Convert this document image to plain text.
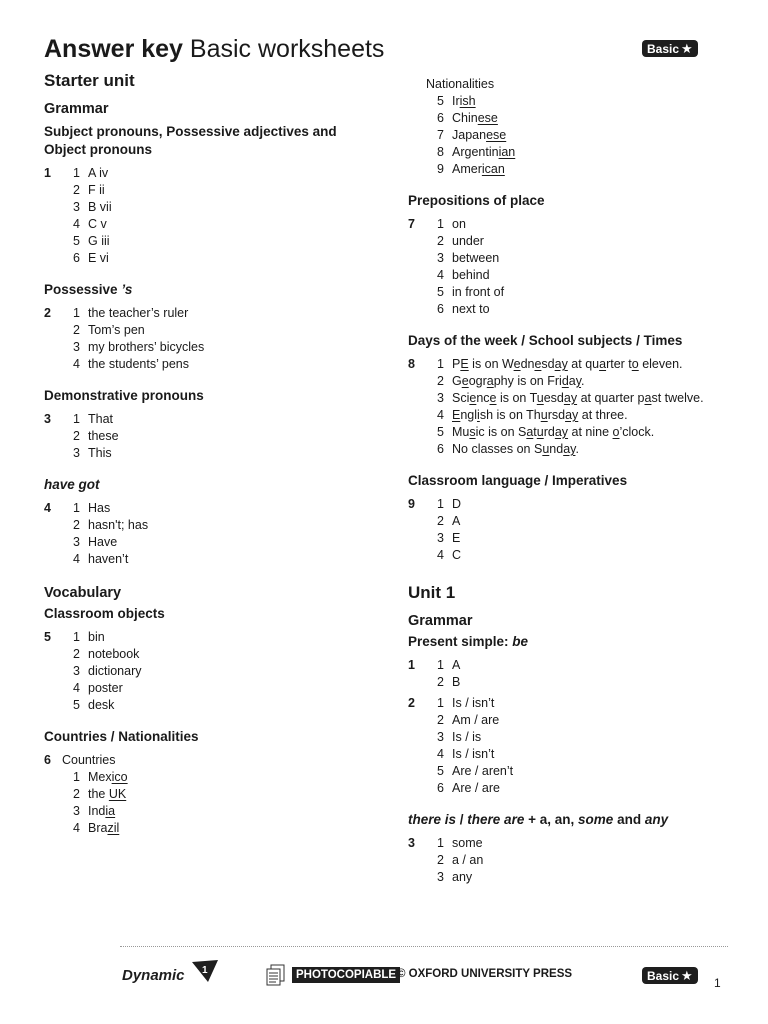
Answer key Basic worksheets	Basic ★
Starter unit
Grammar
Subject pronouns, Possessive adjectives and Object pronouns
1	1 A iv
2 F ii
3 B vii
4 C v
5 G iii
6 E vi
Possessive ’s
2	1 the teacher’s ruler
2 Tom’s pen
3 my brothers’ bicycles
4 the students’ pens
Demonstrative pronouns
3	1 That
2 these
3 This
have got
4	1 Has
2 hasn't; has
3 Have
4 haven’t
Vocabulary
Classroom objects
5	1 bin
2 notebook
3 dictionary
4 poster
5 desk
Countries / Nationalities
6 Countries
1 Mexico
2 the UK
3 India
4 Brazil
Nationalities
5 Irish
6 Chinese
7 Japanese
8 Argentinian
9 American
Prepositions of place
7	1 on
2 under
3 between
4 behind
5 in front of
6 next to
Days of the week / School subjects / Times
8	1 PE is on Wednesday at quarter to eleven.
2 Geography is on Friday.
3 Science is on Tuesday at quarter past twelve.
4 English is on Thursday at three.
5 Music is on Saturday at nine o’clock.
6 No classes on Sunday.
Classroom language / Imperatives
9	1 D
2 A
3 E
4 C
Unit 1
Grammar
Present simple: be
1	1 A
2 B
2	1 Is / isn’t
2 Am / are
3 Is / is
4 Is / isn’t
5 Are / aren’t
6 Are / are
there is / there are + a, an, some and any
3	1 some
2 a / an
3 any
Dynamic 1	PHOTOCOPIABLE © OXFORD UNIVERSITY PRESS	Basic ★ 1
